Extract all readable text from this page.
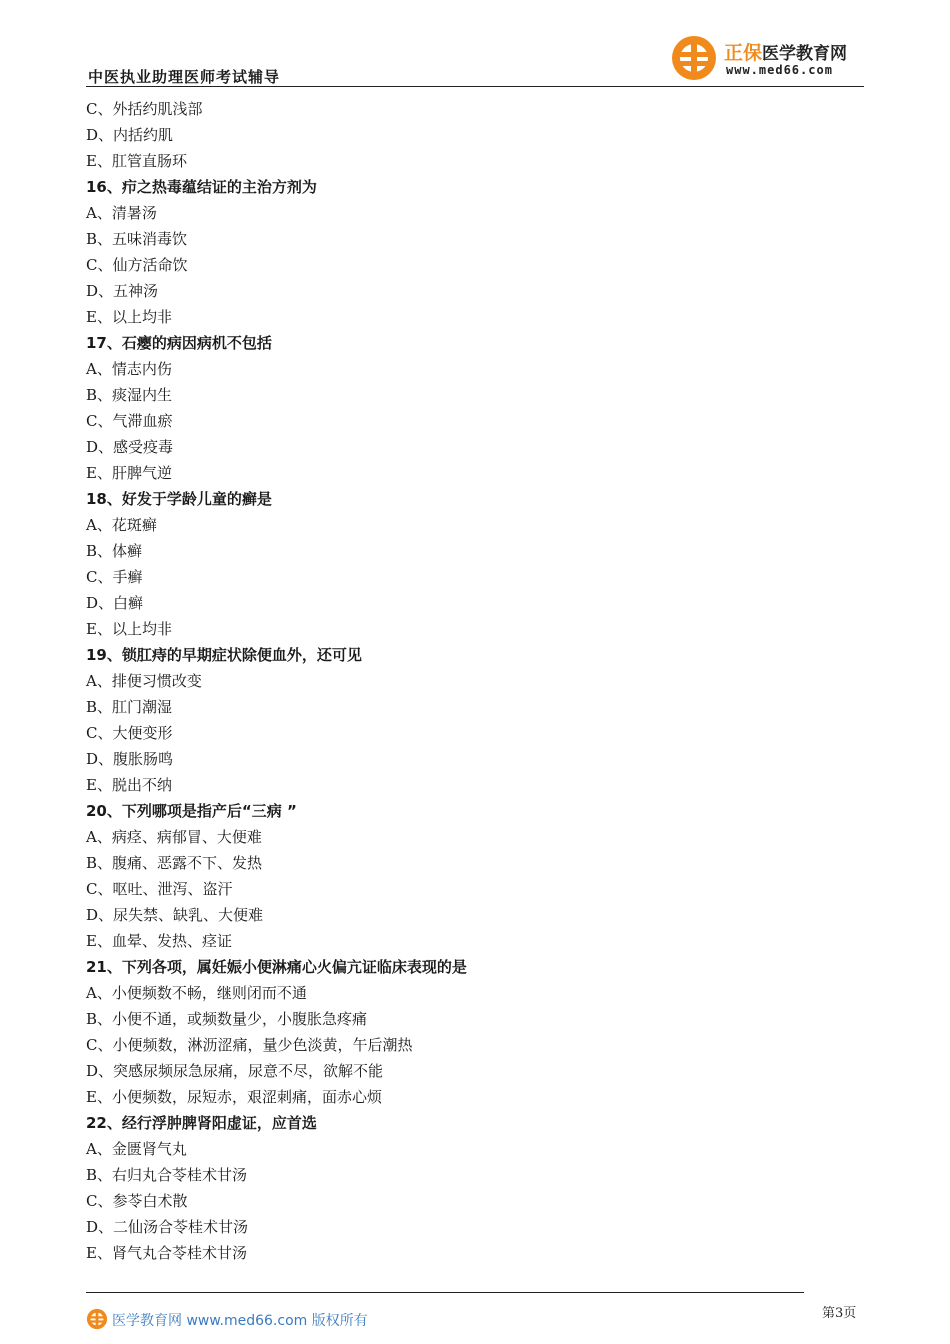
中医执业助理医师考试辅导
正保医学教育网
www.med66.com
C、外括约肌浅部
D、内括约肌
E、肛管直肠环
16、疖之热毒蕴结证的主治方剂为
A、清暑汤
B、五味消毒饮
C、仙方活命饮
D、五神汤
E、以上均非
17、石瘿的病因病机不包括
A、情志内伤
B、痰湿内生
C、气滞血瘀
D、感受疫毒
E、肝脾气逆
18、好发于学龄儿童的癣是
A、花斑癣
B、体癣
C、手癣
D、白癣
E、以上均非
19、锁肛痔的早期症状除便血外，还可见
A、排便习惯改变
B、肛门潮湿
C、大便变形
D、腹胀肠鸣
E、脱出不纳
20、下列哪项是指产后“三病 ”
A、病痉、病郁冒、大便难
B、腹痛、恶露不下、发热
C、呕吐、泄泻、盗汗
D、尿失禁、缺乳、大便难
E、血晕、发热、痉证
21、下列各项，属妊娠小便淋痛心火偏亢证临床表现的是
A、小便频数不畅，继则闭而不通
B、小便不通，或频数量少，小腹胀急疼痛
C、小便频数，淋沥涩痛，量少色淡黄，午后潮热
D、突感尿频尿急尿痛，尿意不尽，欲解不能
E、小便频数，尿短赤，艰涩刺痛，面赤心烦
22、经行浮肿脾肾阳虚证，应首选
A、金匮肾气丸
B、右归丸合苓桂术甘汤
C、参苓白术散
D、二仙汤合苓桂术甘汤
E、肾气丸合苓桂术甘汤
医学教育网 www.med66.com 版权所有	第3页
